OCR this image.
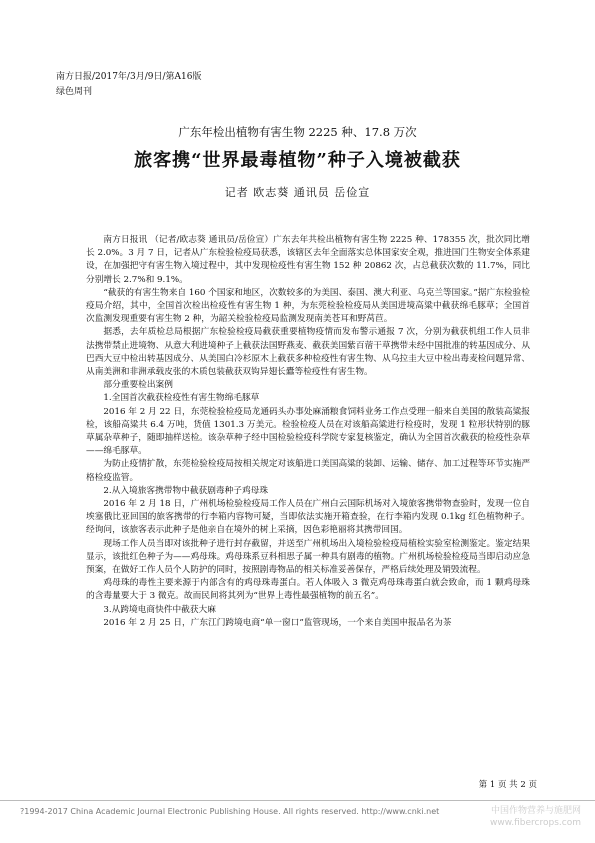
南方日报/2017年/3月/9日/第A16版
绿色周刊
广东年检出植物有害生物 2225 种、17.8 万次
旅客携“世界最毒植物”种子入境被截获
记者 欧志葵 通讯员 岳俭宣

南方日报讯 （记者/欧志葵 通讯员/岳俭宣）广东去年共检出植物有害生物 2225 种、178355 次，批次同比增长 2.0%。3 月 7 日，记者从广东检验检疫局获悉，该辖区去年全面落实总体国家安全观，推进国门生物安全体系建设，在加强把守有害生物入境过程中，其中发现检疫性有害生物 152 种 20862 次，占总截获次数的 11.7%，同比分别增长 2.7%和 9.1%。

“截获的有害生物来自 160 个国家和地区，次数较多的为美国、泰国、澳大利亚、乌克兰等国家。”据广东检验检疫局介绍，其中，全国首次检出检疫性有害生物 1 种，为东莞检验检疫局从美国进境高粱中截获绵毛豚草；全国首次监测发现重要有害生物 2 种，为韶关检验检疫局监测发现南美苍耳和野莴苣。

据悉，去年质检总局根据广东检验检疫局截获重要植物疫情而发布警示通报 7 次，分别为截获机组工作人员非法携带禁止进境物、从意大利进境种子上截获法国野燕麦、截获美国紫百蓿干草携带未经中国批准的转基因成分、从巴西大豆中检出转基因成分、从美国白冷杉原木上截获多种检疫性有害生物、从乌拉圭大豆中检出毒麦检问题异常、从南美洲和非洲承载皮张的木质包装截获双钩异翅长蠹等检疫性有害生物。

部分重要检出案例

1.全国首次截获检疫性有害生物绵毛豚草

2016 年 2 月 22 日，东莞检验检疫局龙通码头办事处麻涌粮食饲料业务工作点受理一船来自美国的散装高粱报检，该船高粱共 6.4 万吨，货值 1301.3 万美元。检验检疫人员在对该船高粱进行检疫时，发现 1 粒形状特别的豚草属杂草种子，随即抽样送检。该杂草种子经中国检验检疫科学院专家复核鉴定，确认为全国首次截获的检疫性杂草——绵毛豚草。

为防止疫情扩散，东莞检验检疫局按相关规定对该船进口美国高粱的装卸、运输、储存、加工过程等环节实施严格检疫监管。

2.从入境旅客携带物中截获剧毒种子鸡母珠

2016 年 2 月 18 日，广州机场检验检疫局工作人员在广州白云国际机场对入境旅客携带物查验时，发现一位自埃塞俄比亚回国的旅客携带的行李箱内容物可疑，当即依法实施开箱查验，在行李箱内发现 0.1kg 红色植物种子。经询问，该旅客表示此种子是他亲自在境外的树上采摘，因色彩艳丽将其携带回国。

现场工作人员当即对该批种子进行封存截留，并送至广州机场出入境检验检疫局植检实验室检测鉴定。鉴定结果显示，该批红色种子为——鸡母珠。鸡母珠系豆科相思子属一种具有剧毒的植物。广州机场检验检疫局当即启动应急预案，在做好工作人员个人防护的同时，按照剧毒物品的相关标准妥善保存，严格后续处理及销毁流程。

鸡母珠的毒性主要来源于内部含有的鸡母珠毒蛋白。若人体吸入 3 微克鸡母珠毒蛋白就会致命，而 1 颗鸡母珠的含毒量要大于 3 微克。故而民间将其列为“世界上毒性最强植物的前五名”。

3.从跨境电商快件中截获大麻

2016 年 2 月 25 日，广东江门跨境电商“单一窗口”监管现场，一个来自美国申报品名为茶

第 1 页 共 2 页
?1994-2017 China Academic Journal Electronic Publishing House. All rights reserved. http://www.cnki.net	中国作物营养与施肥网
www.fibercrops.com
